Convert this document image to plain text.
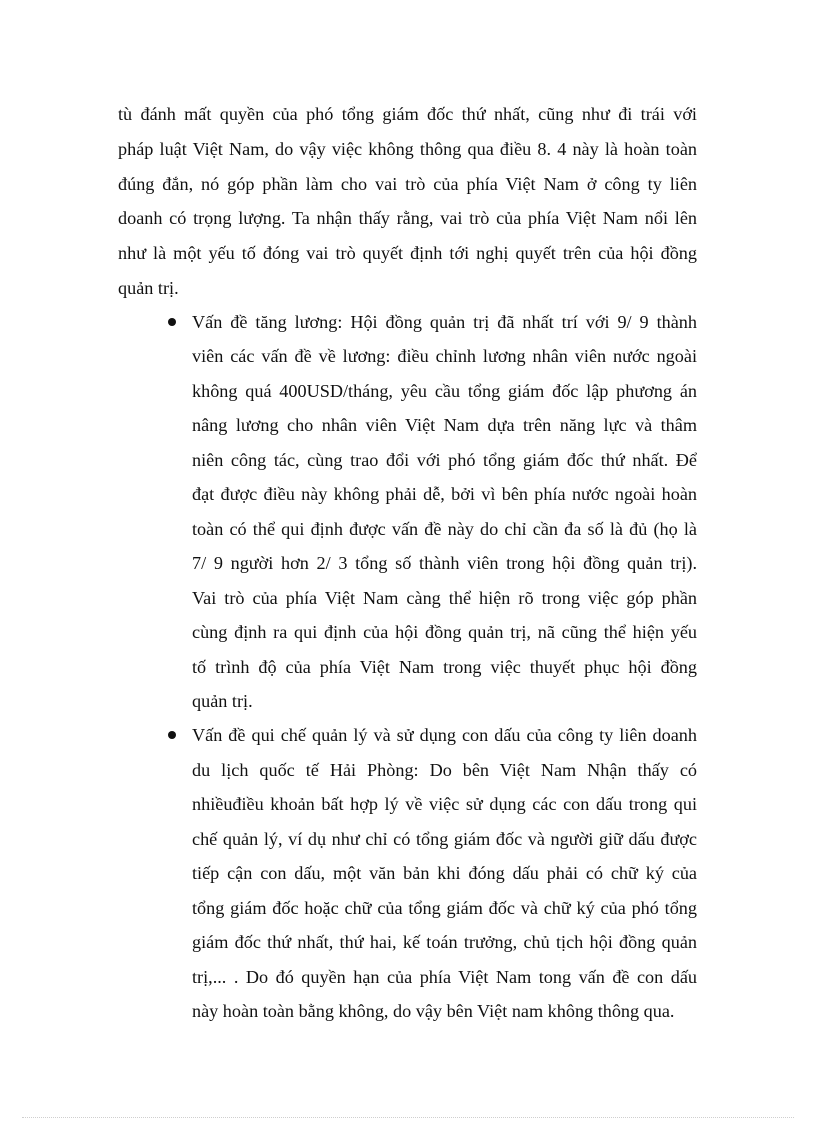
tù đánh mất quyền của phó tổng giám đốc thứ nhất, cũng như đi trái với
pháp luật Việt Nam, do vậy việc không thông qua điều 8. 4 này là hoàn toàn
đúng đắn, nó góp phần làm cho vai trò của phía Việt Nam ở công ty liên
doanh có trọng lượng. Ta nhận thấy rằng, vai trò của phía Việt Nam nổi lên
như là một yếu tố đóng vai trò quyết định tới nghị quyết trên của hội đồng
quản trị.
Vấn đề tăng lương: Hội đồng quản trị đã nhất trí với 9/ 9 thành
viên các vấn đề về lương: điều chỉnh lương nhân viên nước ngoài
không quá 400USD/tháng, yêu cầu tổng giám đốc lập phương án
nâng lương cho nhân viên Việt Nam dựa trên năng lực và thâm
niên công tác, cùng trao đổi với phó tổng giám đốc thứ nhất. Để
đạt được điều này không phải dễ, bởi vì bên phía nước ngoài hoàn
toàn có thể qui định được vấn đề này do chỉ cần đa số là đủ (họ là
7/ 9 người hơn 2/ 3 tổng số thành viên trong hội đồng quản trị).
Vai trò của phía Việt Nam càng thể hiện rõ trong việc góp phần
cùng định ra qui định của hội đồng quản trị, nã cũng thể hiện yếu
tố trình độ của phía Việt Nam trong việc thuyết phục hội đồng
quản trị.
Vấn đề qui chế quản lý và sử dụng con dấu của công ty liên doanh
du lịch quốc tế Hải Phòng: Do bên Việt Nam Nhận thấy có
nhiềuđiều khoản bất hợp lý về việc sử dụng các con dấu trong qui
chế quản lý, ví dụ như chỉ có tổng giám đốc và người giữ dấu được
tiếp cận con dấu, một văn bản khi đóng dấu phải có chữ ký của
tổng giám đốc hoặc chữ của tổng giám đốc và chữ ký của phó tổng
giám đốc thứ nhất, thứ hai, kế toán trưởng, chủ tịch hội đồng quản
trị,... . Do đó quyền hạn của phía Việt Nam tong vấn đề con dấu
này hoàn toàn bằng không, do vậy bên Việt nam không thông qua.
